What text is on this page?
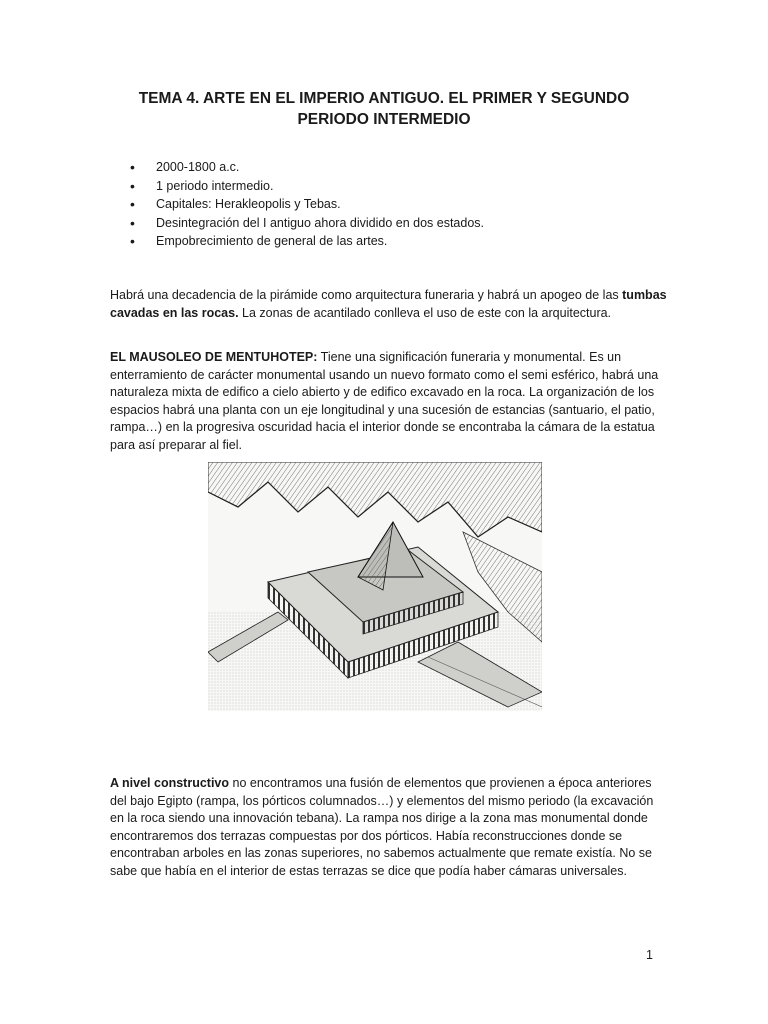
TEMA 4. ARTE EN EL IMPERIO ANTIGUO. EL PRIMER Y SEGUNDO
PERIODO INTERMEDIO
• 2000-1800 a.c.
• 1 periodo intermedio.
• Capitales: Herakleopolis y Tebas.
• Desintegración del I antiguo ahora dividido en dos estados.
• Empobrecimiento de general de las artes.

Habrá una decadencia de la pirámide como arquitectura funeraria y habrá un apogeo de las tumbas cavadas en las rocas. La zonas de acantilado conlleva el uso de este con la arquitectura.

EL MAUSOLEO DE MENTUHOTEP: Tiene una significación funeraria y monumental. Es un enterramiento de carácter monumental usando un nuevo formato como el semi esférico, habrá una naturaleza mixta de edifico a cielo abierto y de edifico excavado en la roca. La organización de los espacios habrá una planta con un eje longitudinal y una sucesión de estancias (santuario, el patio, rampa…) en la progresiva oscuridad hacia el interior donde se encontraba la cámara de la estatua para así preparar al fiel.

A nivel constructivo no encontramos una fusión de elementos que provienen a época anteriores del bajo Egipto (rampa, los pórticos columnados…) y elementos del mismo periodo (la excavación en la roca siendo una innovación tebana). La rampa nos dirige a la zona mas monumental donde encontraremos dos terrazas compuestas por dos pórticos. Había reconstrucciones donde se encontraban arboles en las zonas superiores, no sabemos actualmente que remate existía. No se sabe que había en el interior de estas terrazas se dice que podía haber cámaras universales.

1
